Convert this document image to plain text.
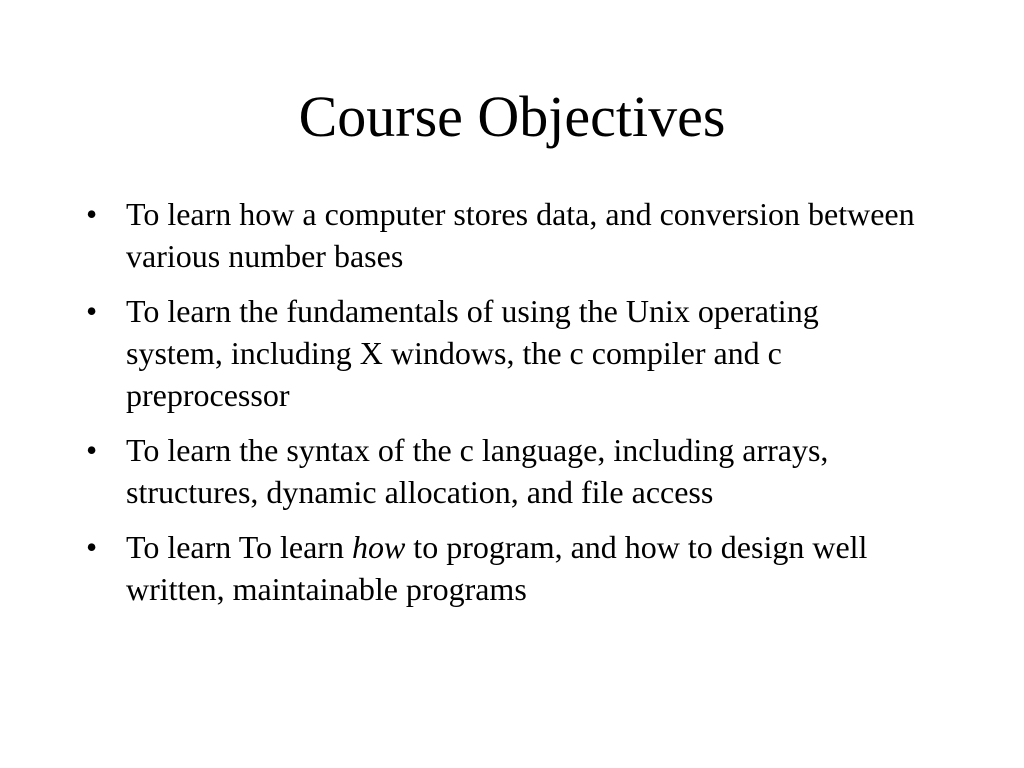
Course Objectives
• To learn how a computer stores data, and conversion between various number bases
• To learn the fundamentals of using the Unix operating system, including X windows, the c compiler and c preprocessor
• To learn the syntax of the c language, including arrays, structures, dynamic allocation, and file access
• To learn To learn how to program, and how to design well written, maintainable programs
